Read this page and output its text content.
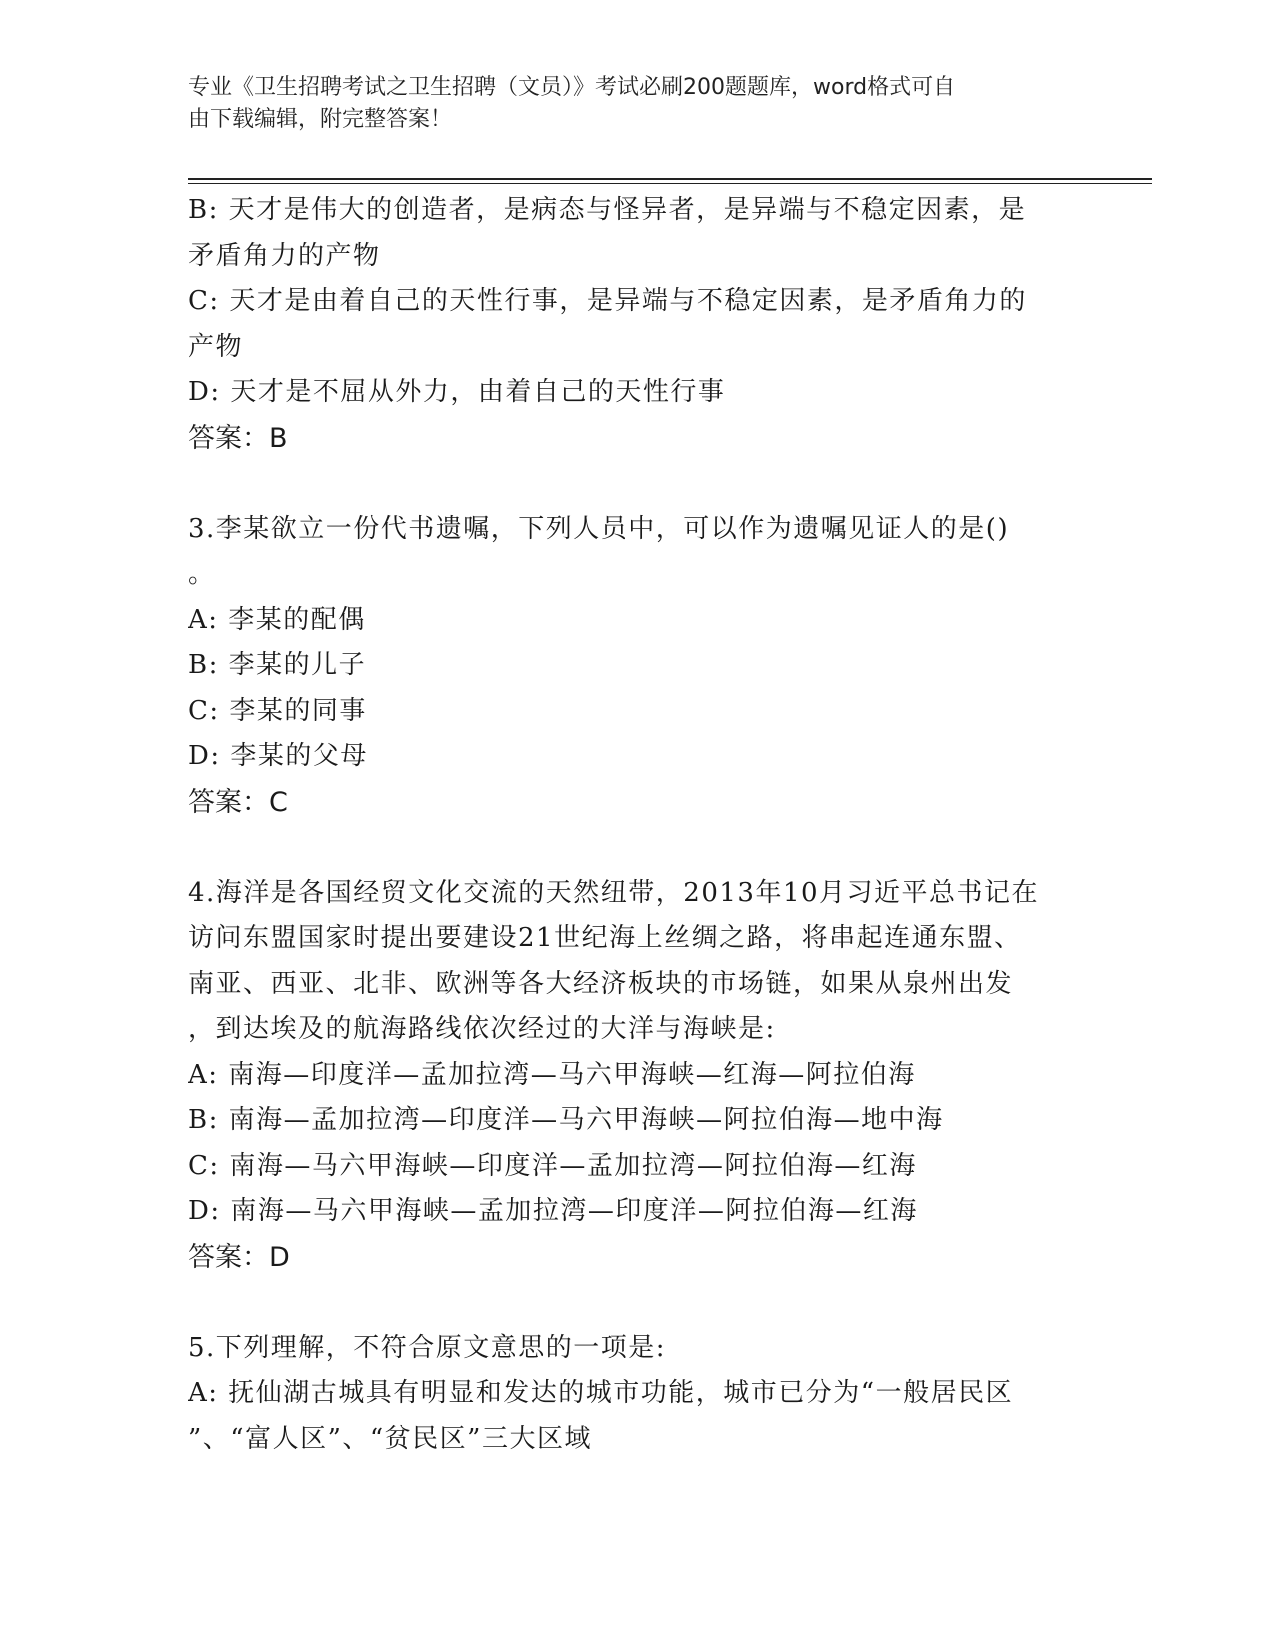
专业《卫生招聘考试之卫生招聘（文员）》考试必刷200题题库，word格式可自
由下载编辑，附完整答案！
B: 天才是伟大的创造者，是病态与怪异者，是异端与不稳定因素，是
矛盾角力的产物
C: 天才是由着自己的天性行事，是异端与不稳定因素，是矛盾角力的
产物
D: 天才是不屈从外力，由着自己的天性行事
答案：B
3.李某欲立一份代书遗嘱，下列人员中，可以作为遗嘱见证人的是()
。
A: 李某的配偶
B: 李某的儿子
C: 李某的同事
D: 李某的父母
答案：C
4.海洋是各国经贸文化交流的天然纽带，2013年10月习近平总书记在
访问东盟国家时提出要建设21世纪海上丝绸之路，将串起连通东盟、
南亚、西亚、北非、欧洲等各大经济板块的市场链，如果从泉州出发
，到达埃及的航海路线依次经过的大洋与海峡是:
A: 南海—印度洋—孟加拉湾—马六甲海峡—红海—阿拉伯海
B: 南海—孟加拉湾—印度洋—马六甲海峡—阿拉伯海—地中海
C: 南海—马六甲海峡—印度洋—孟加拉湾—阿拉伯海—红海
D: 南海—马六甲海峡—孟加拉湾—印度洋—阿拉伯海—红海
答案：D
5.下列理解，不符合原文意思的一项是:
A: 抚仙湖古城具有明显和发达的城市功能，城市已分为“一般居民区
”、“富人区”、“贫民区”三大区域
